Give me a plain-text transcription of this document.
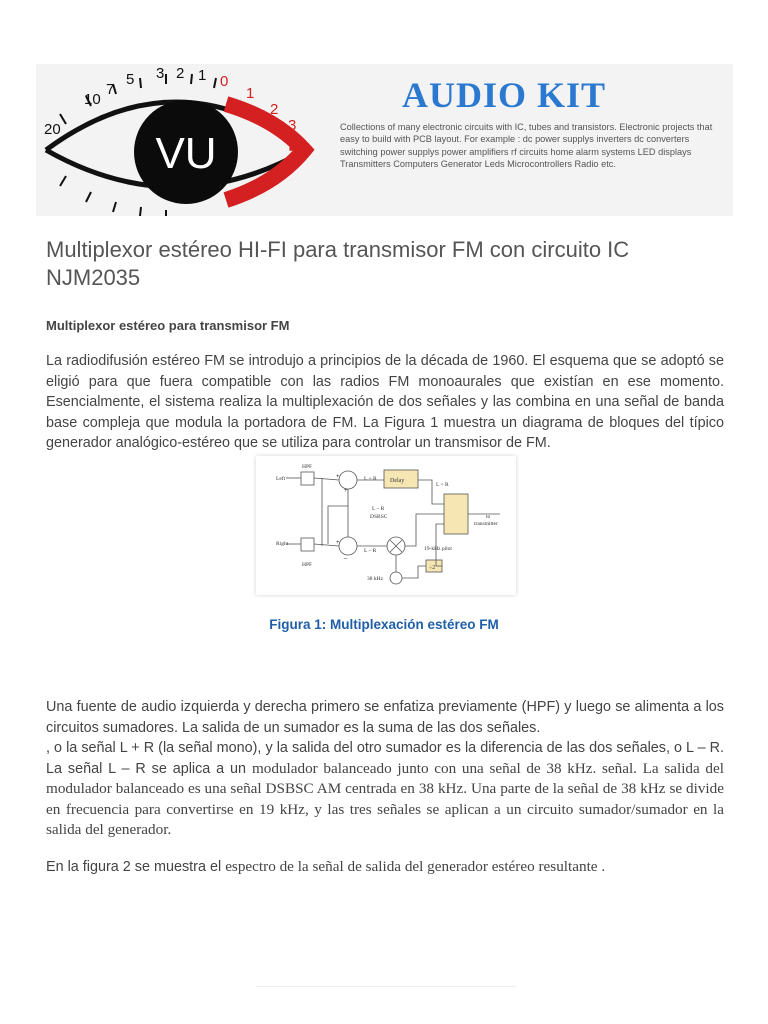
VU
20
10
7
5 3 2 1 0
1
2
3
+
AUDIO KIT
Collections of many electronic circuits with IC, tubes and transistors. Electronic projects that easy to build with PCB layout. For example : dc power supplys inverters dc converters switching power supplys power amplifiers rf circuits home alarm systems LED displays Transmitters Computers Generator Leds Microcontrollers Radio etc.
Multiplexor estéreo HI-FI para transmisor FM con circuito IC NJM2035
Multiplexor estéreo para transmisor FM
La radiodifusión estéreo FM se introdujo a principios de la década de 1960. El esquema que se adoptó se eligió para que fuera compatible con las radios FM monoaurales que existían en ese momento. Esencialmente, el sistema realiza la multiplexación de dos señales y las combina en una señal de banda base compleja que modula la portadora de FM. La Figura 1 muestra un diagrama de bloques del típico generador analógico-estéreo que se utiliza para controlar un transmisor de FM.
Left
Right
HPF
HPF
L + R
L + R
L – R
DSBSC
L – R
to
transmitter
19-kHz pilot
38 kHz
Delay
÷2
+
+
+
–
Figura 1: Multiplexación estéreo FM
Una fuente de audio izquierda y derecha primero se enfatiza previamente (HPF) y luego se alimenta a los circuitos sumadores. La salida de un sumador es la suma de las dos señales.
, o la señal L + R (la señal mono), y la salida del otro sumador es la diferencia de las dos señales, o L – R. La señal L – R se aplica a un modulador balanceado junto con una señal de 38 kHz. señal. La salida del modulador balanceado es una señal DSBSC AM centrada en 38 kHz. Una parte de la señal de 38 kHz se divide en frecuencia para convertirse en 19 kHz, y las tres señales se aplican a un circuito sumador/sumador en la salida del generador.
En la figura 2 se muestra el espectro de la señal de salida del generador estéreo resultante .
